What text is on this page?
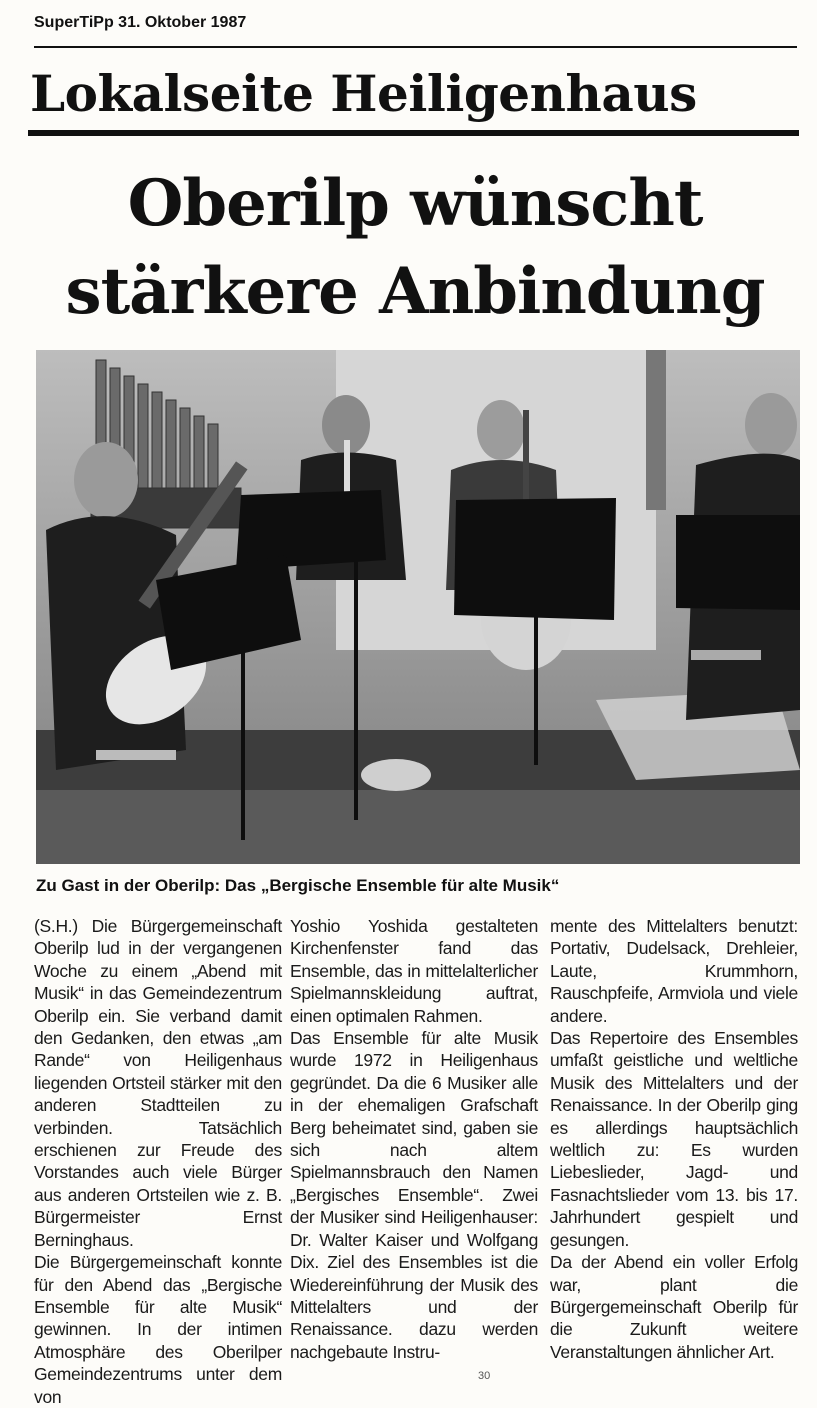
SuperTiPp 31. Oktober 1987
Lokalseite Heiligenhaus
Oberilp wünscht
stärkere Anbindung
Zu Gast in der Oberilp: Das „Bergische Ensemble für alte Musik“

(S.H.) Die Bürgergemeinschaft Oberilp lud in der vergangenen Woche zu einem „Abend mit Musik“ in das Gemeindezentrum Oberilp ein. Sie verband damit den Gedanken, den etwas „am Rande“ von Heiligenhaus liegenden Ortsteil stärker mit den anderen Stadtteilen zu verbinden. Tatsächlich erschienen zur Freude des Vorstandes auch viele Bürger aus anderen Ortsteilen wie z. B. Bürgermeister Ernst Berninghaus.

Die Bürgergemeinschaft konnte für den Abend das „Bergische Ensemble für alte Musik“ gewinnen. In der intimen Atmosphäre des Oberilper Gemeindezentrums unter dem von

Yoshio Yoshida gestalteten Kirchenfenster fand das Ensemble, das in mittelalterlicher Spielmannskleidung auftrat, einen optimalen Rahmen.

Das Ensemble für alte Musik wurde 1972 in Heiligenhaus gegründet. Da die 6 Musiker alle in der ehemaligen Grafschaft Berg beheimatet sind, gaben sie sich nach altem Spielmannsbrauch den Namen „Bergisches Ensemble“. Zwei der Musiker sind Heiligenhauser: Dr. Walter Kaiser und Wolfgang Dix. Ziel des Ensembles ist die Wiedereinführung der Musik des Mittelalters und der Renaissance. dazu werden nachgebaute Instru-

mente des Mittelalters benutzt: Portativ, Dudelsack, Drehleier, Laute, Krummhorn, Rauschpfeife, Armviola und viele andere.

Das Repertoire des Ensembles umfaßt geistliche und weltliche Musik des Mittelalters und der Renaissance. In der Oberilp ging es allerdings hauptsächlich weltlich zu: Es wurden Liebeslieder, Jagd- und Fasnachtslieder vom 13. bis 17. Jahrhundert gespielt und gesungen.

Da der Abend ein voller Erfolg war, plant die Bürgergemeinschaft Oberilp für die Zukunft weitere Veranstaltungen ähnlicher Art.

30
